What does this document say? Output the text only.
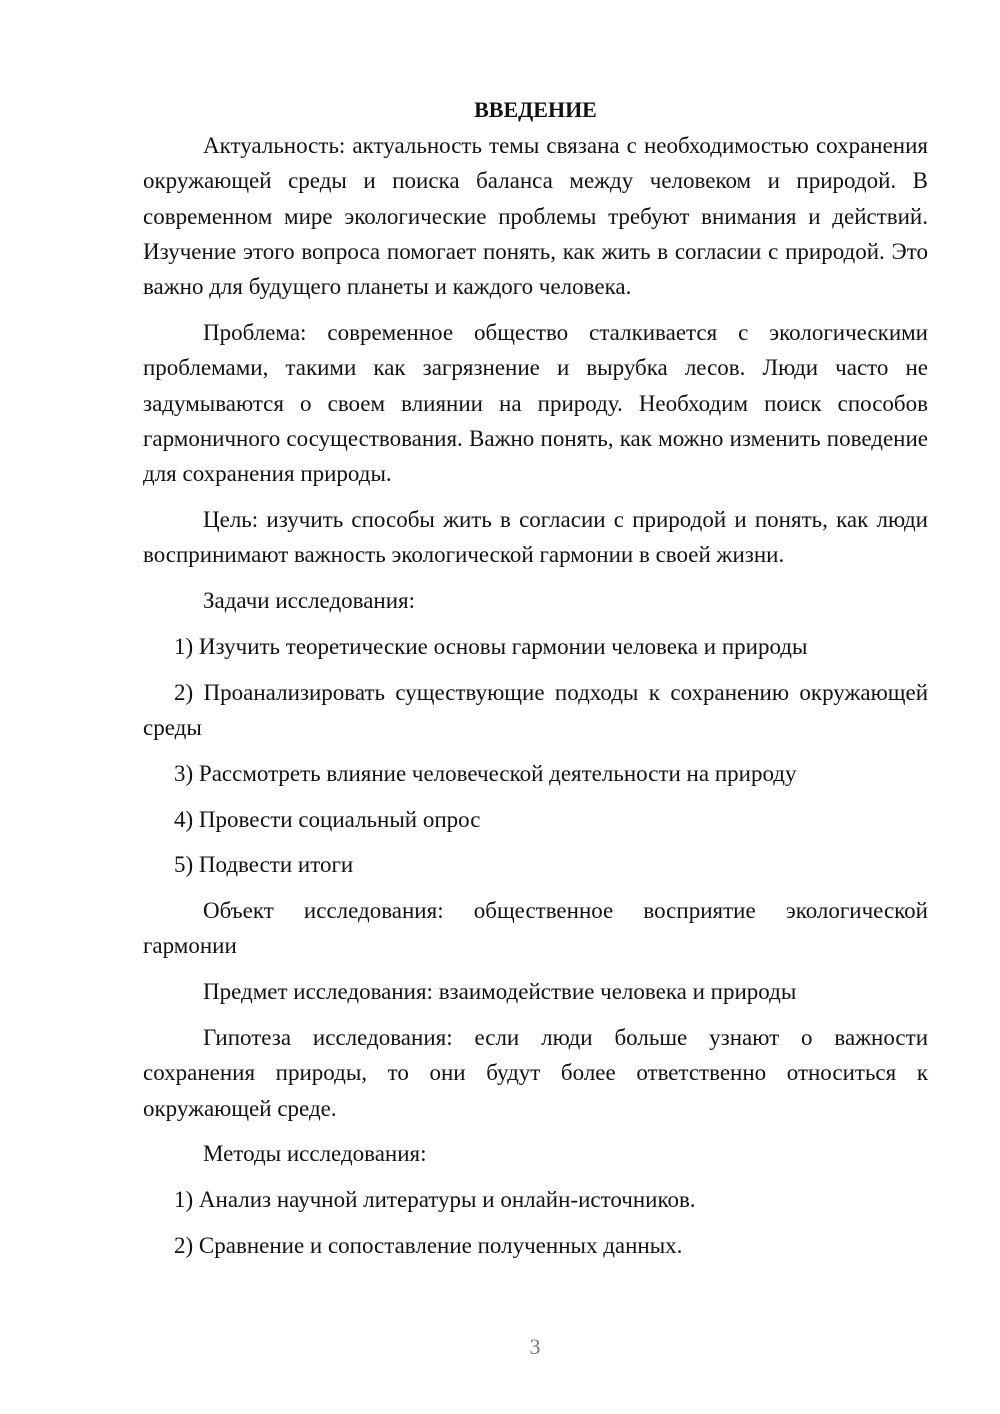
ВВЕДЕНИЕ

Актуальность: актуальность темы связана с необходимостью сохранения окружающей среды и поиска баланса между человеком и природой. В современном мире экологические проблемы требуют внимания и действий. Изучение этого вопроса помогает понять, как жить в согласии с природой. Это важно для будущего планеты и каждого человека.

Проблема: современное общество сталкивается с экологическими проблемами, такими как загрязнение и вырубка лесов. Люди часто не задумываются о своем влиянии на природу. Необходим поиск способов гармоничного сосуществования. Важно понять, как можно изменить поведение для сохранения природы.

Цель: изучить способы жить в согласии с природой и понять, как люди воспринимают важность экологической гармонии в своей жизни.

Задачи исследования:

1) Изучить теоретические основы гармонии человека и природы

2) Проанализировать существующие подходы к сохранению окружающей среды

3) Рассмотреть влияние человеческой деятельности на природу

4) Провести социальный опрос

5) Подвести итоги

Объект исследования: общественное восприятие экологической гармонии

Предмет исследования: взаимодействие человека и природы

Гипотеза исследования: если люди больше узнают о важности сохранения природы, то они будут более ответственно относиться к окружающей среде.

Методы исследования:

1) Анализ научной литературы и онлайн-источников.

2) Сравнение и сопоставление полученных данных.

3
